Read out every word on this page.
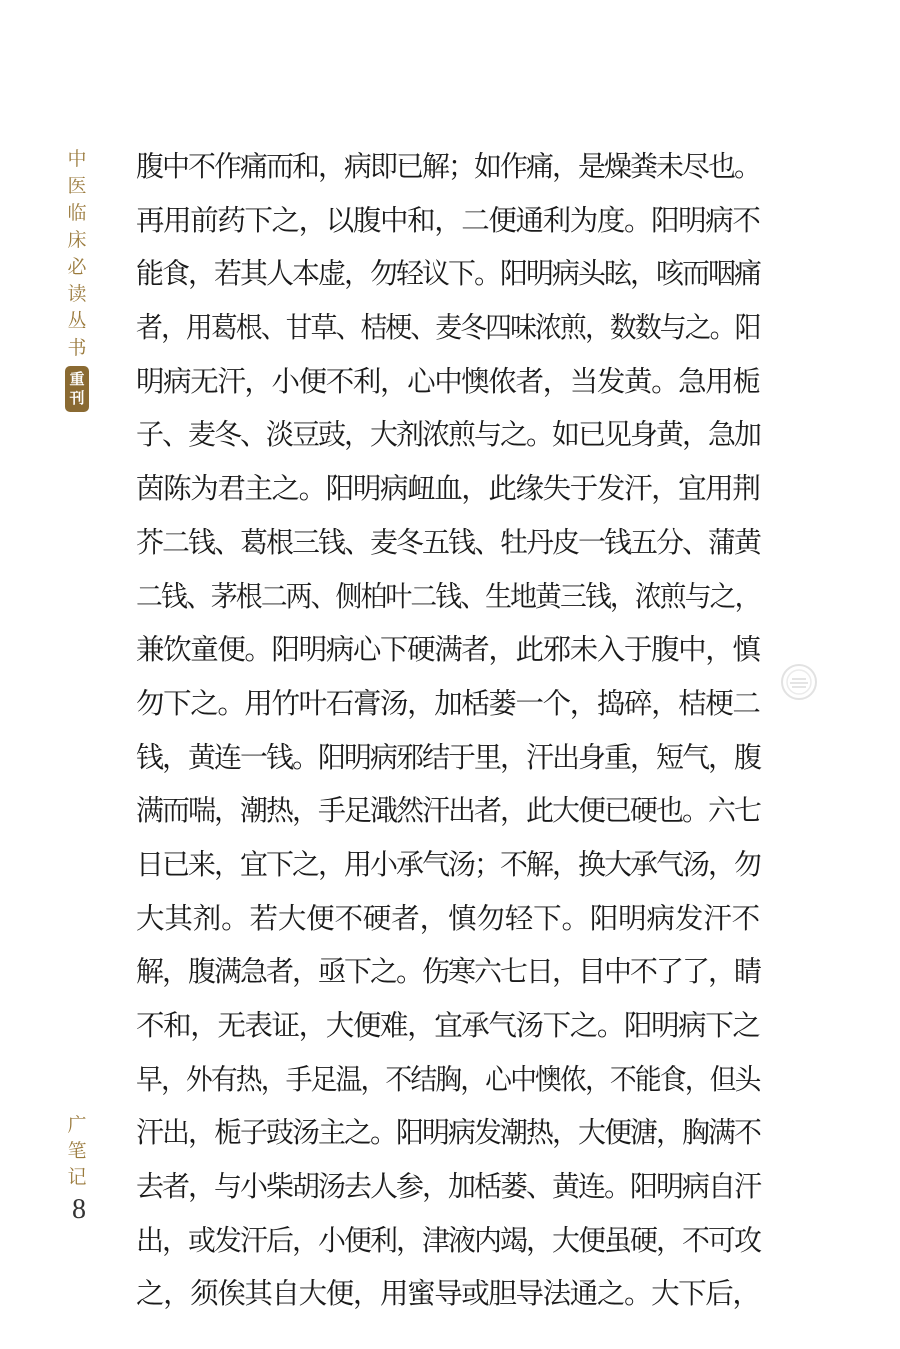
中
医
临
床
必
读
丛
书
重
刊
腹中不作痛而和，病即已解；如作痛，是燥粪未尽也。
再用前药下之，以腹中和，二便通利为度。阳明病不
能食，若其人本虚，勿轻议下。阳明病头眩，咳而咽痛
者，用葛根、甘草、桔梗、麦冬四味浓煎，数数与之。阳
明病无汗，小便不利，心中懊侬者，当发黄。急用栀
子、麦冬、淡豆豉，大剂浓煎与之。如已见身黄，急加
茵陈为君主之。阳明病衄血，此缘失于发汗，宜用荆
芥二钱、葛根三钱、麦冬五钱、牡丹皮一钱五分、蒲黄
二钱、茅根二两、侧柏叶二钱、生地黄三钱，浓煎与之，
兼饮童便。阳明病心下硬满者，此邪未入于腹中，慎
勿下之。用竹叶石膏汤，加栝蒌一个，捣碎，桔梗二
钱，黄连一钱。阳明病邪结于里，汗出身重，短气，腹
满而喘，潮热，手足濈然汗出者，此大便已硬也。六七
日已来，宜下之，用小承气汤；不解，换大承气汤，勿
大其剂。若大便不硬者，慎勿轻下。阳明病发汗不
解，腹满急者，亟下之。伤寒六七日，目中不了了，睛
不和，无表证，大便难，宜承气汤下之。阳明病下之
早，外有热，手足温，不结胸，心中懊侬，不能食，但头
汗出，栀子豉汤主之。阳明病发潮热，大便溏，胸满不
去者，与小柴胡汤去人参，加栝蒌、黄连。阳明病自汗
出，或发汗后，小便利，津液内竭，大便虽硬，不可攻
之，须俟其自大便，用蜜导或胆导法通之。大下后，
广
笔
记
8
